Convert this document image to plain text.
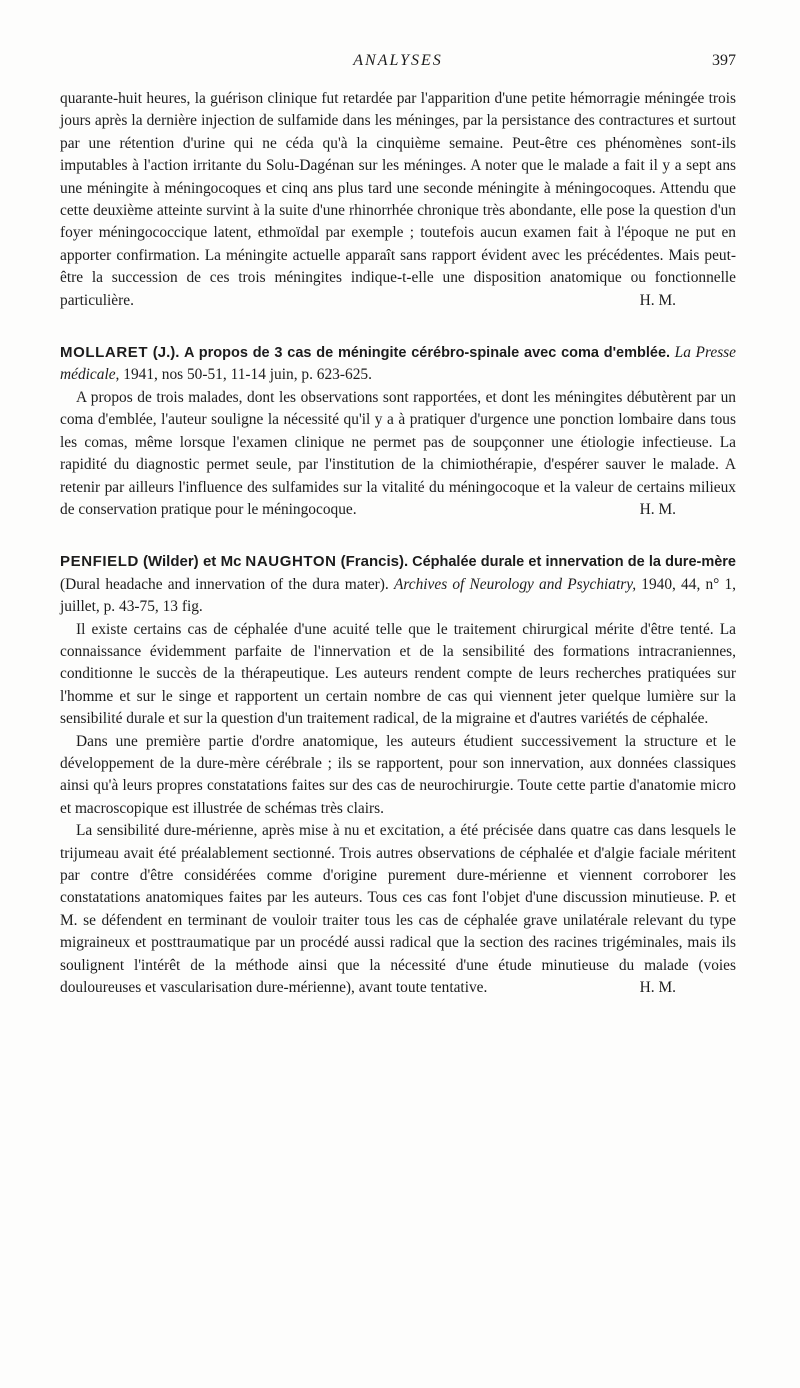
ANALYSES	397

quarante-huit heures, la guérison clinique fut retardée par l'apparition d'une petite hémorragie méningée trois jours après la dernière injection de sulfamide dans les méninges, par la persistance des contractures et surtout par une rétention d'urine qui ne céda qu'à la cinquième semaine. Peut-être ces phénomènes sont-ils imputables à l'action irritante du Solu-Dagénan sur les méninges. A noter que le malade a fait il y a sept ans une méningite à méningocoques et cinq ans plus tard une seconde méningite à méningocoques. Attendu que cette deuxième atteinte survint à la suite d'une rhinorrhée chronique très abondante, elle pose la question d'un foyer méningococcique latent, ethmoïdal par exemple ; toutefois aucun examen fait à l'époque ne put en apporter confirmation. La méningite actuelle apparaît sans rapport évident avec les précédentes. Mais peut-être la succession de ces trois méningites indique-t-elle une disposition anatomique ou fonctionnelle particulière.	H. M.

MOLLARET (J.). A propos de 3 cas de méningite cérébro-spinale avec coma d'emblée. La Presse médicale, 1941, nos 50-51, 11-14 juin, p. 623-625.

A propos de trois malades, dont les observations sont rapportées, et dont les méningites débutèrent par un coma d'emblée, l'auteur souligne la nécessité qu'il y a à pratiquer d'urgence une ponction lombaire dans tous les comas, même lorsque l'examen clinique ne permet pas de soupçonner une étiologie infectieuse. La rapidité du diagnostic permet seule, par l'institution de la chimiothérapie, d'espérer sauver le malade. A retenir par ailleurs l'influence des sulfamides sur la vitalité du méningocoque et la valeur de certains milieux de conservation pratique pour le méningocoque.	H. M.

PENFIELD (Wilder) et Mc NAUGHTON (Francis). Céphalée durale et innervation de la dure-mère (Dural headache and innervation of the dura mater). Archives of Neurology and Psychiatry, 1940, 44, n° 1, juillet, p. 43-75, 13 fig.

Il existe certains cas de céphalée d'une acuité telle que le traitement chirurgical mérite d'être tenté. La connaissance évidemment parfaite de l'innervation et de la sensibilité des formations intracraniennes, conditionne le succès de la thérapeutique. Les auteurs rendent compte de leurs recherches pratiquées sur l'homme et sur le singe et rapportent un certain nombre de cas qui viennent jeter quelque lumière sur la sensibilité durale et sur la question d'un traitement radical, de la migraine et d'autres variétés de céphalée.

Dans une première partie d'ordre anatomique, les auteurs étudient successivement la structure et le développement de la dure-mère cérébrale ; ils se rapportent, pour son innervation, aux données classiques ainsi qu'à leurs propres constatations faites sur des cas de neurochirurgie. Toute cette partie d'anatomie micro et macroscopique est illustrée de schémas très clairs.

La sensibilité dure-mérienne, après mise à nu et excitation, a été précisée dans quatre cas dans lesquels le trijumeau avait été préalablement sectionné. Trois autres observations de céphalée et d'algie faciale méritent par contre d'être considérées comme d'origine purement dure-mérienne et viennent corroborer les constatations anatomiques faites par les auteurs. Tous ces cas font l'objet d'une discussion minutieuse. P. et M. se défendent en terminant de vouloir traiter tous les cas de céphalée grave unilatérale relevant du type migraineux et posttraumatique par un procédé aussi radical que la section des racines trigéminales, mais ils soulignent l'intérêt de la méthode ainsi que la nécessité d'une étude minutieuse du malade (voies douloureuses et vascularisation dure-mérienne), avant toute tentative.	H. M.
